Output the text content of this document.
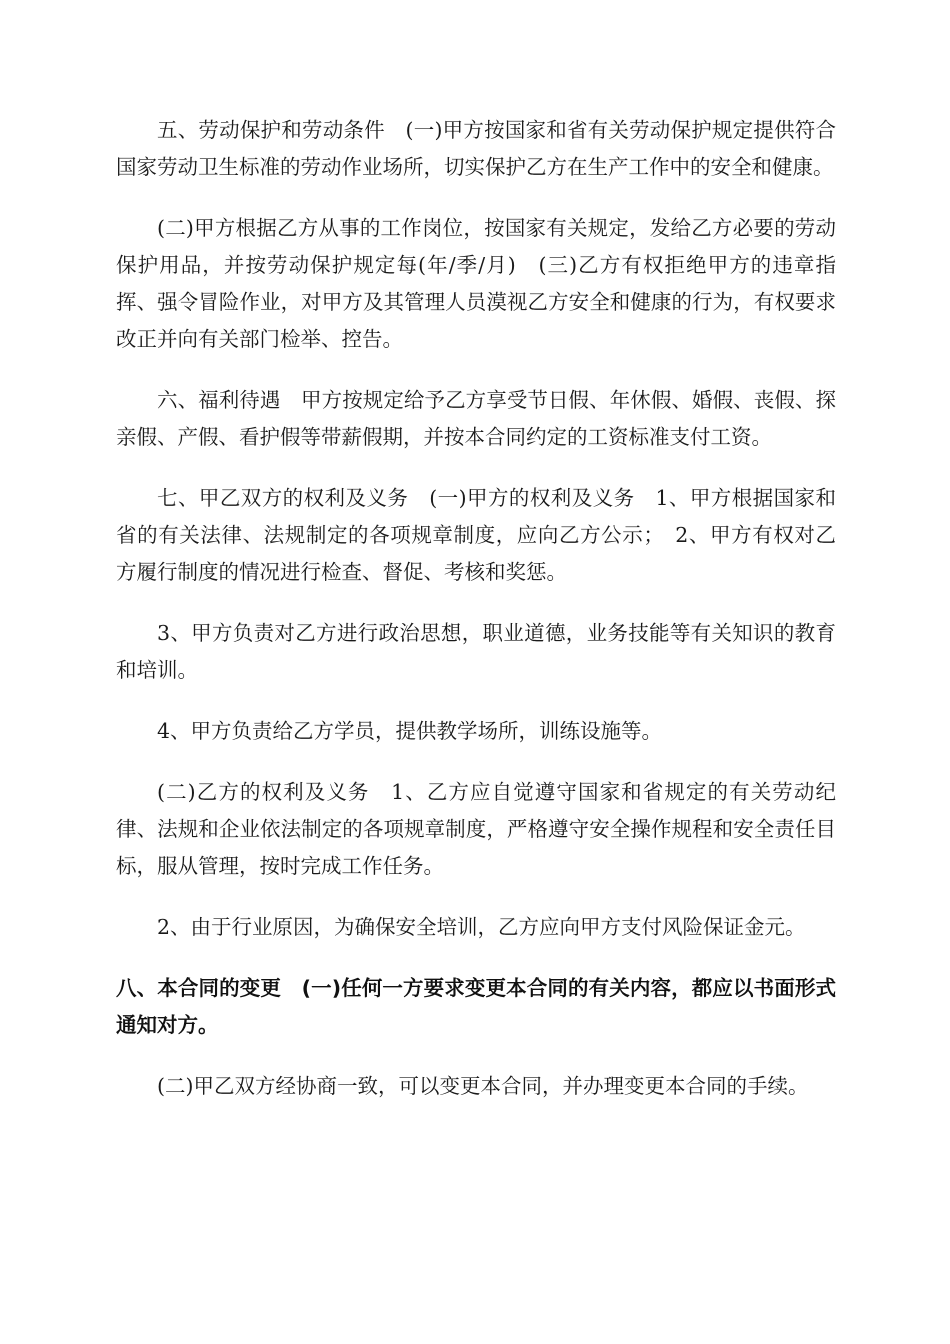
五、劳动保护和劳动条件　(一)甲方按国家和省有关劳动保护规定提供符合国家劳动卫生标准的劳动作业场所，切实保护乙方在生产工作中的安全和健康。

(二)甲方根据乙方从事的工作岗位，按国家有关规定，发给乙方必要的劳动保护用品，并按劳动保护规定每(年/季/月)　(三)乙方有权拒绝甲方的违章指挥、强令冒险作业，对甲方及其管理人员漠视乙方安全和健康的行为，有权要求改正并向有关部门检举、控告。

六、福利待遇　甲方按规定给予乙方享受节日假、年休假、婚假、丧假、探亲假、产假、看护假等带薪假期，并按本合同约定的工资标准支付工资。

七、甲乙双方的权利及义务　(一)甲方的权利及义务　1、甲方根据国家和省的有关法律、法规制定的各项规章制度，应向乙方公示；　2、甲方有权对乙方履行制度的情况进行检查、督促、考核和奖惩。

3、甲方负责对乙方进行政治思想，职业道德，业务技能等有关知识的教育和培训。

4、甲方负责给乙方学员，提供教学场所，训练设施等。

(二)乙方的权利及义务　1、乙方应自觉遵守国家和省规定的有关劳动纪律、法规和企业依法制定的各项规章制度，严格遵守安全操作规程和安全责任目标，服从管理，按时完成工作任务。

2、由于行业原因，为确保安全培训，乙方应向甲方支付风险保证金元。

八、本合同的变更　(一)任何一方要求变更本合同的有关内容，都应以书面形式通知对方。

(二)甲乙双方经协商一致，可以变更本合同，并办理变更本合同的手续。
